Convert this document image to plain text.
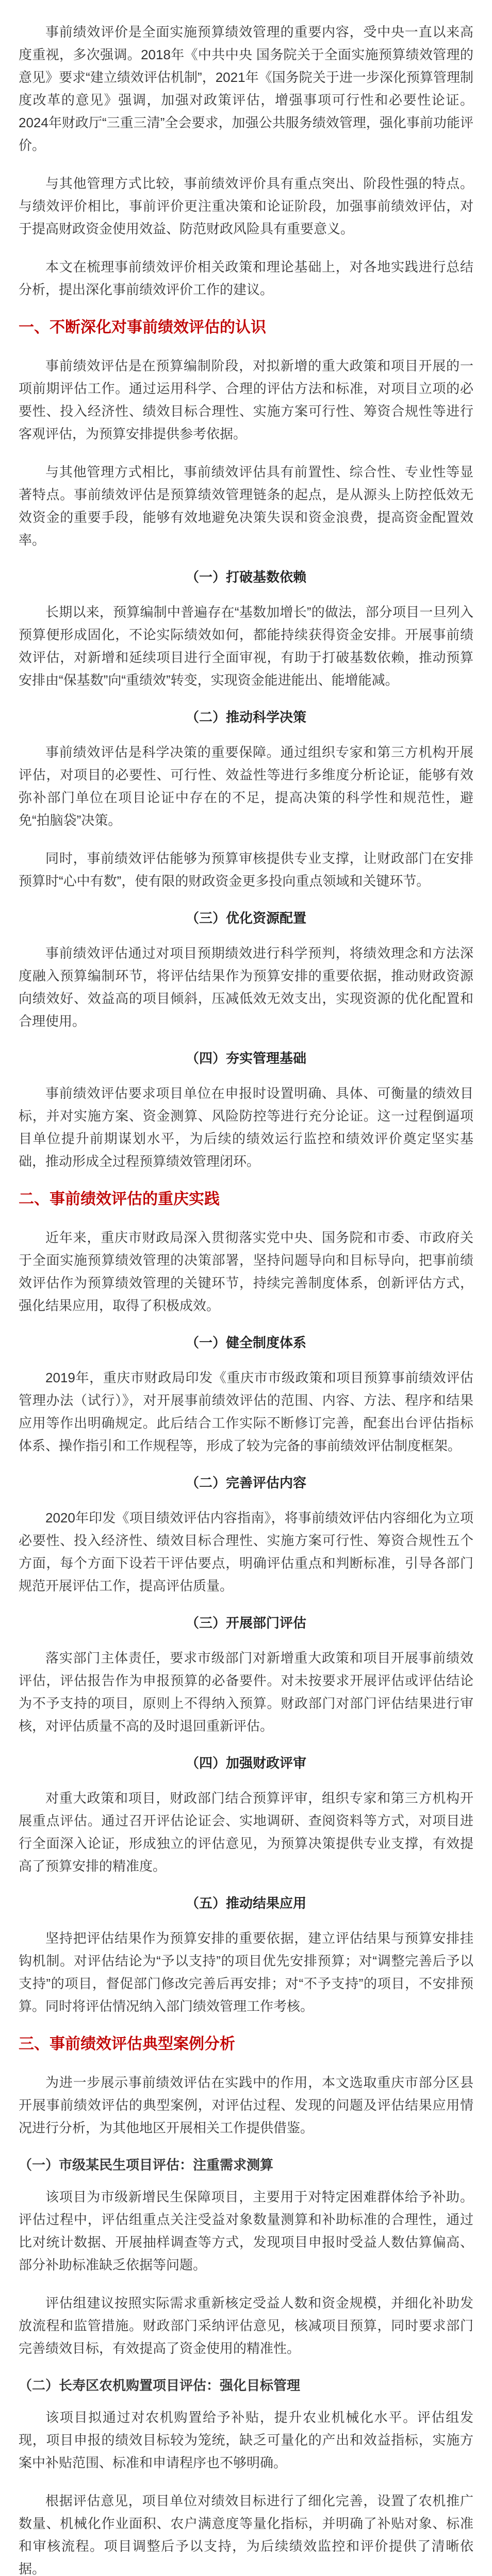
事前绩效评价是全面实施预算绩效管理的重要内容，受中央一直以来高度重视，多次强调。2018年《中共中央 国务院关于全面实施预算绩效管理的意见》要求“建立绩效评估机制”，2021年《国务院关于进一步深化预算管理制度改革的意见》强调，加强对政策评估，增强事项可行性和必要性论证。2024年财政厅“三重三清”全会要求，加强公共服务绩效管理，强化事前功能评价。

与其他管理方式比较，事前绩效评价具有重点突出、阶段性强的特点。与绩效评价相比，事前评价更注重决策和论证阶段，加强事前绩效评估，对于提高财政资金使用效益、防范财政风险具有重要意义。

本文在梳理事前绩效评价相关政策和理论基础上，对各地实践进行总结分析，提出深化事前绩效评价工作的建议。

一、不断深化对事前绩效评估的认识

事前绩效评估是在预算编制阶段，对拟新增的重大政策和项目开展的一项前期评估工作。通过运用科学、合理的评估方法和标准，对项目立项的必要性、投入经济性、绩效目标合理性、实施方案可行性、筹资合规性等进行客观评估，为预算安排提供参考依据。

与其他管理方式相比，事前绩效评估具有前置性、综合性、专业性等显著特点。事前绩效评估是预算绩效管理链条的起点，是从源头上防控低效无效资金的重要手段，能够有效地避免决策失误和资金浪费，提高资金配置效率。

（一）打破基数依赖

长期以来，预算编制中普遍存在“基数加增长”的做法，部分项目一旦列入预算便形成固化，不论实际绩效如何，都能持续获得资金安排。开展事前绩效评估，对新增和延续项目进行全面审视，有助于打破基数依赖，推动预算安排由“保基数”向“重绩效”转变，实现资金能进能出、能增能减。

（二）推动科学决策

事前绩效评估是科学决策的重要保障。通过组织专家和第三方机构开展评估，对项目的必要性、可行性、效益性等进行多维度分析论证，能够有效弥补部门单位在项目论证中存在的不足，提高决策的科学性和规范性，避免“拍脑袋”决策。

同时，事前绩效评估能够为预算审核提供专业支撑，让财政部门在安排预算时“心中有数”，使有限的财政资金更多投向重点领域和关键环节。

（三）优化资源配置

事前绩效评估通过对项目预期绩效进行科学预判，将绩效理念和方法深度融入预算编制环节，将评估结果作为预算安排的重要依据，推动财政资源向绩效好、效益高的项目倾斜，压减低效无效支出，实现资源的优化配置和合理使用。

（四）夯实管理基础

事前绩效评估要求项目单位在申报时设置明确、具体、可衡量的绩效目标，并对实施方案、资金测算、风险防控等进行充分论证。这一过程倒逼项目单位提升前期谋划水平，为后续的绩效运行监控和绩效评价奠定坚实基础，推动形成全过程预算绩效管理闭环。

二、事前绩效评估的重庆实践

近年来，重庆市财政局深入贯彻落实党中央、国务院和市委、市政府关于全面实施预算绩效管理的决策部署，坚持问题导向和目标导向，把事前绩效评估作为预算绩效管理的关键环节，持续完善制度体系，创新评估方式，强化结果应用，取得了积极成效。

（一）健全制度体系

2019年，重庆市财政局印发《重庆市市级政策和项目预算事前绩效评估管理办法（试行）》，对开展事前绩效评估的范围、内容、方法、程序和结果应用等作出明确规定。此后结合工作实际不断修订完善，配套出台评估指标体系、操作指引和工作规程等，形成了较为完备的事前绩效评估制度框架。

（二）完善评估内容

2020年印发《项目绩效评估内容指南》，将事前绩效评估内容细化为立项必要性、投入经济性、绩效目标合理性、实施方案可行性、筹资合规性五个方面，每个方面下设若干评估要点，明确评估重点和判断标准，引导各部门规范开展评估工作，提高评估质量。

（三）开展部门评估

落实部门主体责任，要求市级部门对新增重大政策和项目开展事前绩效评估，评估报告作为申报预算的必备要件。对未按要求开展评估或评估结论为不予支持的项目，原则上不得纳入预算。财政部门对部门评估结果进行审核，对评估质量不高的及时退回重新评估。

（四）加强财政评审

对重大政策和项目，财政部门结合预算评审，组织专家和第三方机构开展重点评估。通过召开评估论证会、实地调研、查阅资料等方式，对项目进行全面深入论证，形成独立的评估意见，为预算决策提供专业支撑，有效提高了预算安排的精准度。

（五）推动结果应用

坚持把评估结果作为预算安排的重要依据，建立评估结果与预算安排挂钩机制。对评估结论为“予以支持”的项目优先安排预算；对“调整完善后予以支持”的项目，督促部门修改完善后再安排；对“不予支持”的项目，不安排预算。同时将评估情况纳入部门绩效管理工作考核。

三、事前绩效评估典型案例分析

为进一步展示事前绩效评估在实践中的作用，本文选取重庆市部分区县开展事前绩效评估的典型案例，对评估过程、发现的问题及评估结果应用情况进行分析，为其他地区开展相关工作提供借鉴。

（一）市级某民生项目评估：注重需求测算

该项目为市级新增民生保障项目，主要用于对特定困难群体给予补助。评估过程中，评估组重点关注受益对象数量测算和补助标准的合理性，通过比对统计数据、开展抽样调查等方式，发现项目申报时受益人数估算偏高、部分补助标准缺乏依据等问题。

评估组建议按照实际需求重新核定受益人数和资金规模，并细化补助发放流程和监管措施。财政部门采纳评估意见，核减项目预算，同时要求部门完善绩效目标，有效提高了资金使用的精准性。

（二）长寿区农机购置项目评估：强化目标管理

该项目拟通过对农机购置给予补贴，提升农业机械化水平。评估组发现，项目申报的绩效目标较为笼统，缺乏可量化的产出和效益指标，实施方案中补贴范围、标准和申请程序也不够明确。

根据评估意见，项目单位对绩效目标进行了细化完善，设置了农机推广数量、机械化作业面积、农户满意度等量化指标，并明确了补贴对象、标准和审核流程。项目调整后予以支持，为后续绩效监控和评价提供了清晰依据。
